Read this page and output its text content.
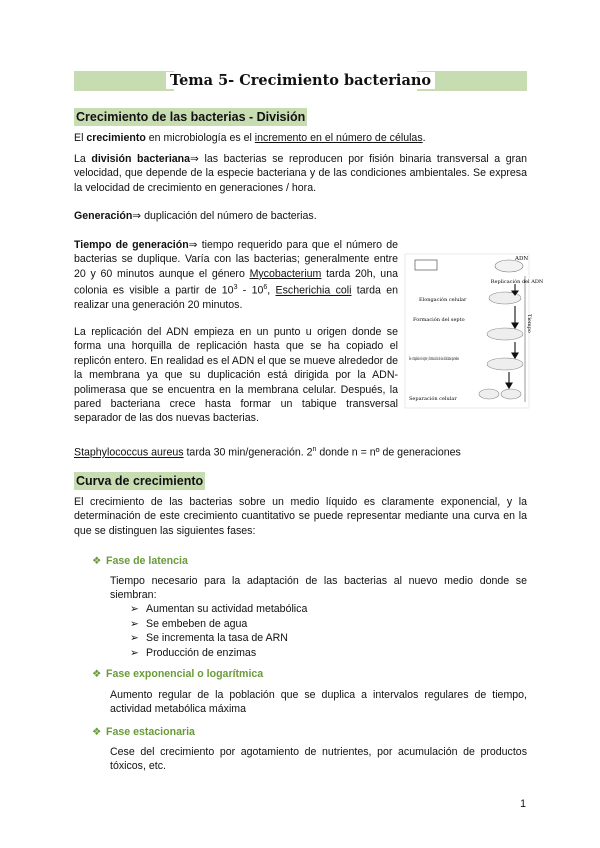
Tema 5- Crecimiento bacteriano
Crecimiento de las bacterias - División
El crecimiento en microbiología es el incremento en el número de células.
La división bacteriana⇒ las bacterias se reproducen por fisión binaria transversal a gran velocidad, que depende de la especie bacteriana y de las condiciones ambientales. Se expresa la velocidad de crecimiento en generaciones / hora.
Generación⇒ duplicación del número de bacterias.
Tiempo de generación⇒ tiempo requerido para que el número de bacterias se duplique. Varía con las bacterias; generalmente entre 20 y 60 minutos aunque el género Mycobacterium tarda 20h, una colonia es visible a partir de $10^3 - 10^6$, Escherichia coli tarda en realizar una generación 20 minutos.
La replicación del ADN empieza en un punto u origen donde se forma una horquilla de replicación hasta que se ha copiado el replicón entero. En realidad es el ADN el que se mueve alrededor de la membrana ya que su duplicación está dirigida por la ADN-polimerasa que se encuentra en la membrana celular. Después, la pared bacteriana crece hasta formar un tabique transversal separador de las dos nuevas bacterias.
ADN
Replicación del ADN
Elongación celular
Formación del septo
Separación celular
Tiempo
Staphylococcus aureus tarda 30 min/generación. 2$^n$ donde n = nº de generaciones
Curva de crecimiento
El crecimiento de las bacterias sobre un medio líquido es claramente exponencial, y la determinación de este crecimiento cuantitativo se puede representar mediante una curva en la que se distinguen las siguientes fases:
❖ Fase de latencia
Tiempo necesario para la adaptación de las bacterias al nuevo medio donde se siembran:
➢ Aumentan su actividad metabólica
➢ Se embeben de agua
➢ Se incrementa la tasa de ARN
➢ Producción de enzimas
❖ Fase exponencial o logarítmica
Aumento regular de la población que se duplica a intervalos regulares de tiempo, actividad metabólica máxima
❖ Fase estacionaria
Cese del crecimiento por agotamiento de nutrientes, por acumulación de productos tóxicos, etc.
1
